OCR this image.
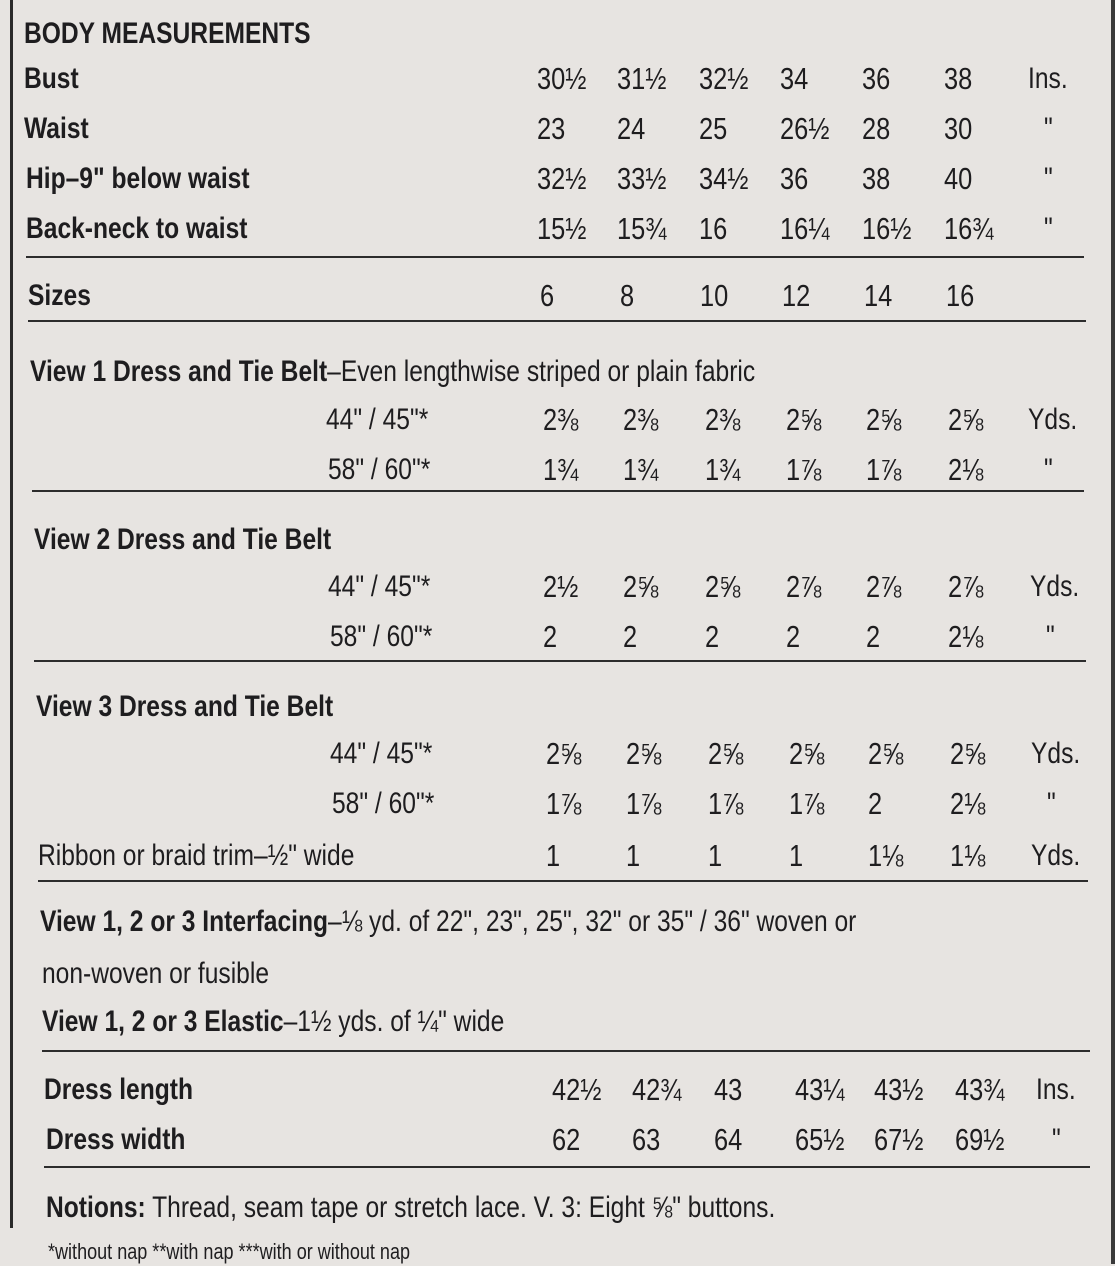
BODY MEASUREMENTS
Bust	30½ 31½ 32½ 34 36 38 Ins.
Waist	23 24 25 26½ 28 30 "
Hip–9" below waist	32½ 33½ 34½ 36 38 40 "
Back-neck to waist	15½ 15¾ 16 16¼ 16½ 16¾ "
Sizes	6 8 10 12 14 16
View 1 Dress and Tie Belt–Even lengthwise striped or plain fabric
44" / 45"*	2⅜ 2⅜ 2⅜ 2⅝ 2⅝ 2⅝ Yds.
58" / 60"*	1¾ 1¾ 1¾ 1⅞ 1⅞ 2⅛ "
View 2 Dress and Tie Belt
44" / 45"*	2½ 2⅝ 2⅝ 2⅞ 2⅞ 2⅞ Yds.
58" / 60"*	2 2 2 2 2 2⅛ "
View 3 Dress and Tie Belt
44" / 45"*	2⅝ 2⅝ 2⅝ 2⅝ 2⅝ 2⅝ Yds.
58" / 60"*	1⅞ 1⅞ 1⅞ 1⅞ 2 2⅛ "
Ribbon or braid trim–½" wide	1 1 1 1 1⅛ 1⅛ Yds.
View 1, 2 or 3 Interfacing–⅛ yd. of 22", 23", 25", 32" or 35" / 36" woven or
non-woven or fusible
View 1, 2 or 3 Elastic–1½ yds. of ¼" wide
Dress length	42½ 42¾ 43 43¼ 43½ 43¾ Ins.
Dress width	62 63 64 65½ 67½ 69½ "
Notions: Thread, seam tape or stretch lace. V. 3: Eight ⅝" buttons.
*without nap **with nap ***with or without nap
